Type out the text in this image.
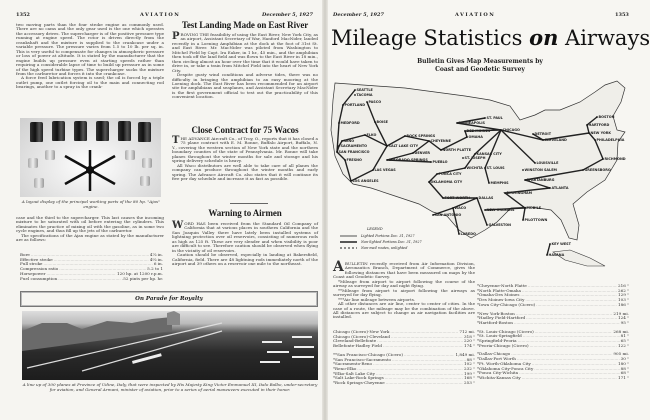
1352	AVIATION	December 5, 1927

two moving parts than the four stroke engine as commonly used. There are no cams and the only gear used is the one which operates the accessory drives. The supercharger is of the positive pressure type running at engine speed. The rotor is driven directly from the crankshaft and the mixture is supplied to the crankcase under a variable pressure. The pressure varies from 1.5 to 10 lb. per sq. in. This is very useful to compensate for changes in atmospheric pressure or loss of power at altitude. It is stated by the manufacturer that the engine builds up pressure even at starting speeds rather than requiring a considerable lapse of time to build up pressure as in some of the high speed turbine types. The supercharger sucks the mixture from the carburetor and forces it into the crankcase.

A force feed lubrication system is used; the oil is forced by a triple outlet pump, one outlet forcing oil to the main and connecting rod bearings, another to a spray in the crank-

A layout display of the principal working parts of the 80 hp. "Ajax" engine.

case and the third to the supercharger. This last causes the incoming mixture to be saturated with oil before entering the cylinders. This eliminates the practice of mixing oil with the gasoline, as in some two cycle engines, and thus fill up the jets of the carburetor.

The specifications of the Ajax engine as stated by the manufacturer are as follows:

Bore .....	4⅞ in.
Effective stroke .....	4⅝ in.
Full stroke .....	6 in.
Compression ratio .....	5.2 to 1
Horsepower .....	120 hp. at 1200 r.p.m.
Fuel consumption .....	.52 pints per hp. hr.
Test Landing Made on East River
P ROVING THE feasibility of using the East River, New York City, as an airport, Assistant Secretary of War, Hanford MacNider, landed recently in a Loening Amphibian at the dock at the foot of 31st St. and East River. Mr. MacNider was piloted from Washington to Mitchel Field by Capt. Ira Eaker, in 1 hr., 45 min., and the amphibian then took off the land field and was flown to the East River in 18 min., then circling almost an hour over the time that it would have taken to drive in, or take a train from Mitchel Field into the heart of New York City.

Despite gusty wind conditions and adverse tides, there was no difficulty in bringing the amphibian to an easy mooring at the Loening dock. The East River has been recommended for an airport site for amphibians and seaplanes, and Assistant Secretary MacNider is the first government official to test out the practicability of this convenient location.

Close Contract for 75 Wacos
T HE ADVANCE Aircraft Co., of Troy, O., reports that it has closed a 75 plane contract with E. M. Ronne, Buffalo Airport, Buffalo, N. Y., covering the western section of New York state and the northern boundary counties of the state of Pennsylvania. Mr. Ronne will take planes throughout the winter months for sale and storage and his spring delivery schedule is heavy.

All Waco distributors are well able to take care of all planes the company can produce throughout the winter months and early spring. The Advance Aircraft Co. also states that it will continue its five per day schedule and increase it as fast as possible.

Warning to Airmen
W ORD HAS been received from the Standard Oil Company of California that at various places in southern California and the San Joaquin Valley there have lately been installed systems of lightning protection over oil reservoirs, consisting of numerous rods as high as 125 ft. These are very slender and when visibility is poor are difficult to see. Therefore caution should be observed when flying in the vicinity of oil reservoirs.

Caution should be observed, especially in landing at Bakersfield, California, field. There are 48 lightning rods immediately north of the airport and 39 others on a reservoir one mile to the northeast.

On Parade for Royalty
A line up of 300 planes at Province of Udine, Italy, that were inspected by His Majesty King Victor Emmanuel III, Italo Balbo, under-secretary for aviation, and General Armani, minister of aviation, prior to a series of aerial maneuvers executed in their honor.
December 5, 1927	AVIATION	1353
Mileage Statistics on Airways
Bulletin Gives Map Measurements by
Coast and Geodetic Survey
SEATTLE
TACOMA
PASCO
PORTLAND
BOISE
MEDFORD
ELKO
RENO
SACRAMENTO
SAN FRANCISCO
FRESNO
LAS VEGAS
LOS ANGELES
SALT LAKE CITY
ROCK SPRINGS
CHEYENNE
NORTH PLATTE
DENVER
COLORADO SPRINGS PUEBLO
OMAHA
DES MOINES
MINNEAPOLIS
ST. PAUL
CHICAGO
ST. JOSEPH
KANSAS CITY
ST. LOUIS
WICHITA
PONCA CITY
OKLAHOMA CITY
FORT WORTH	DALLAS
WACO
SAN ANTONIO
LAREDO
GALVESTON
NEW ORLEANS
MEMPHIS
DETROIT
CLEVELAND
LOUISVILLE
NEW YORK
BOSTON
HARTFORD
PHILADELPHIA
RICHMOND
GREENSBORO
WINSTON SALEM
SPARTANBURG
ATLANTA
BIRMINGHAM
MOBILE
PILOTTOWN
KEY WEST
HAVANA
LEGEND
Lighted Portions Dec. 31, 1927
Non-lighted Portions Dec. 31, 1927
Non-mail routes, unlighted
A BULLETIN recently received from Air Information Division, Aeronautics Branch, Department of Commerce, gives the following distances that have been measured on maps by the Coast and Geodetic Survey.

*Mileage from airport to airport following the course of the airway as surveyed for day and night flying.

**Mileage from airport to airport following the airways as surveyed for day flying.

***Air line mileage between airports.

All other distances are air line, center to center of cities. In the case of a route, the mileage may be the combination of the above. All distances are subject to change as air navigation facilities are installed.

Chicago (Cicero)-New York .....	712 mi.
Chicago (Cicero)-Cleveland .....	318 "
Cleveland-Bellefonte .....	220 "
Bellefonte-Hadley Field .....	174 "
**San Francisco-Chicago (Cicero) .....	1,849 mi.
*San Francisco-Sacramento .....	88 "
*Sacramento-Reno .....	102 "
*Reno-Elko .....	232 "
*Elko-Salt Lake City .....	199 "
*Salt Lake-Rock Springs .....	168 "
*Rock Springs-Cheyenne .....	253 "
*Cheyenne-North Platte .....	216 "
*North Platte-Omaha .....	262 "
*Omaha-Des Moines .....	129 "
*Des Moines-Iowa City .....	103 "
*Iowa City-Chicago (Cicero) .....	186 "
*New York-Boston .....	219 mi.
*Hadley Field-Hartford .....	124 "
*Hartford-Boston .....	95 "
*St. Louis-Chicago (Cicero) .....	268 mi.
*St. Louis-Springfield .....	81 "
*Springfield-Peoria .....	65 "
*Peoria-Chicago (Cicero) .....	122 "
*Dallas-Chicago .....	905 mi.
*Dallas-Fort Worth .....	30 "
*Ft. Worth-Oklahoma City .....	180 "
*Oklahoma City-Ponca City .....	88 "
*Ponca City-Wichita .....	68 "
*Wichita-Kansas City .....	171 "
